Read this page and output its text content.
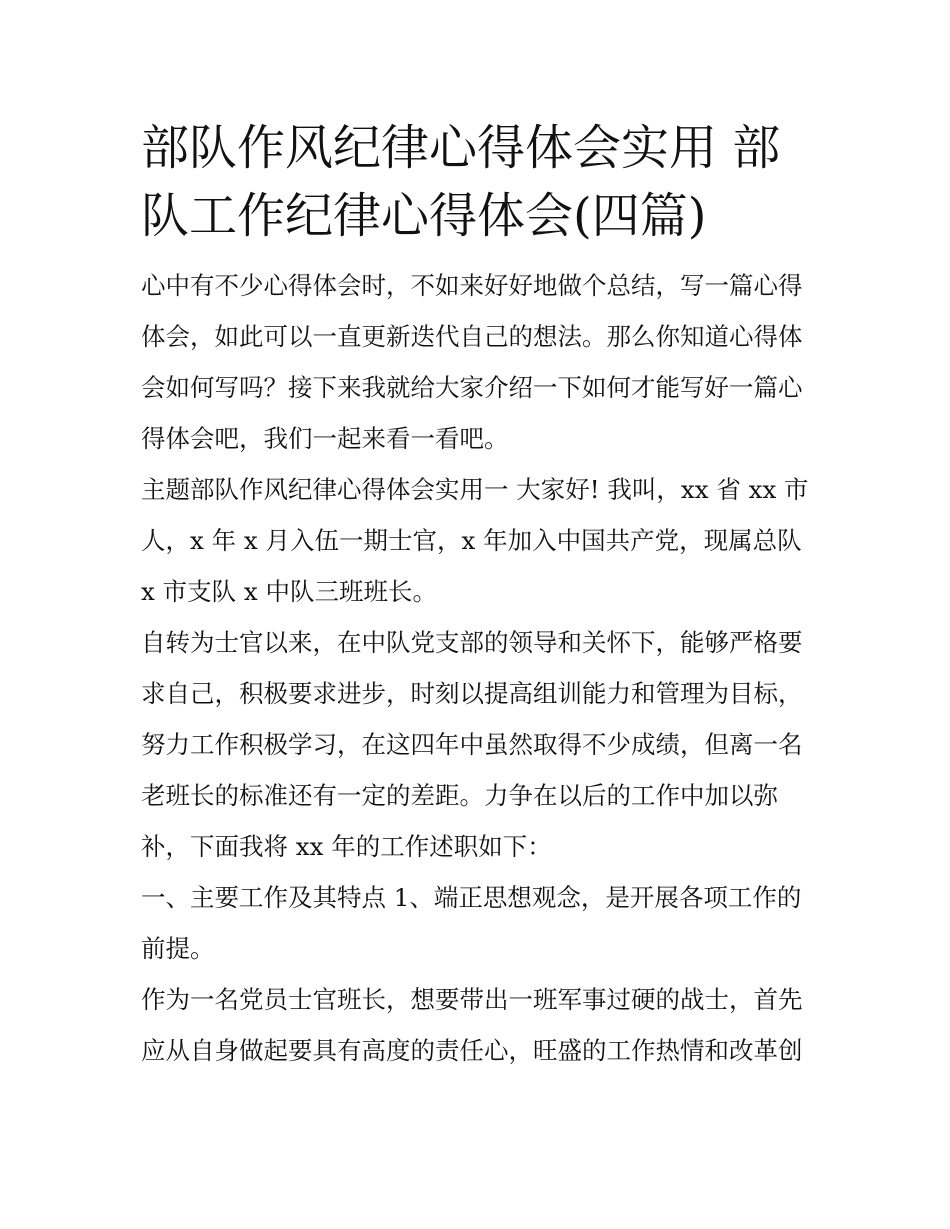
部队作风纪律心得体会实用 部队工作纪律心得体会(四篇)

心中有不少心得体会时，不如来好好地做个总结，写一篇心得体会，如此可以一直更新迭代自己的想法。那么你知道心得体会如何写吗？接下来我就给大家介绍一下如何才能写好一篇心得体会吧，我们一起来看一看吧。

主题部队作风纪律心得体会实用一 大家好! 我叫，xx 省 xx 市人，x 年 x 月入伍一期士官，x 年加入中国共产党，现属总队 x 市支队 x 中队三班班长。

自转为士官以来，在中队党支部的领导和关怀下，能够严格要求自己，积极要求进步，时刻以提高组训能力和管理为目标，努力工作积极学习，在这四年中虽然取得不少成绩，但离一名老班长的标准还有一定的差距。力争在以后的工作中加以弥补，下面我将 xx 年的工作述职如下：

一、主要工作及其特点 1、端正思想观念，是开展各项工作的前提。

作为一名党员士官班长，想要带出一班军事过硬的战士，首先应从自身做起要具有高度的责任心，旺盛的工作热情和改革创
